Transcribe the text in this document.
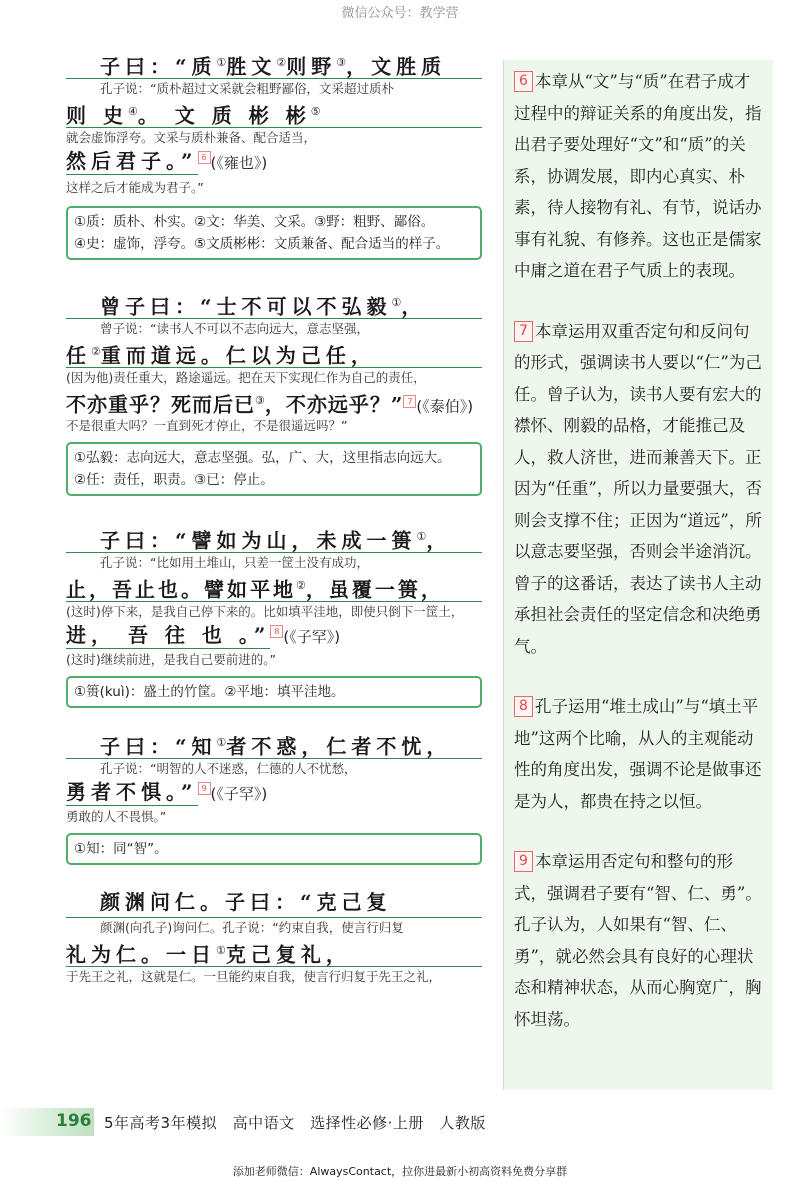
微信公众号：教学营
子曰：“质①胜文②则野③，文胜质
孔子说：“质朴超过文采就会粗野鄙俗，文采超过质朴
则 史④。 文 质 彬 彬⑤
就会虚饰浮夸。文采与质朴兼备、配合适当，
然后君子。” 6 (《雍也》)
这样之后才能成为君子。”
①质：质朴、朴实。②文：华美、文采。③野：粗野、鄙俗。
④史：虚饰，浮夸。⑤文质彬彬：文质兼备、配合适当的样子。
曾子曰：“士不可以不弘毅①，
曾子说：“读书人不可以不志向远大，意志坚强，
任②重而道远。仁以为己任，
(因为他)责任重大，路途遥远。把在天下实现仁作为自己的责任，
不亦重乎？死而后已③，不亦远乎？” 7 (《泰伯》)
不是很重大吗？一直到死才停止，不是很遥远吗？”
①弘毅：志向远大，意志坚强。弘，广、大，这里指志向远大。
②任：责任，职责。③已：停止。
子曰：“譬如为山，未成一篑①，
孔子说：“比如用土堆山，只差一筐土没有成功，
止，吾止也。譬如平地②，虽覆一篑，
(这时)停下来，是我自己停下来的。比如填平洼地，即使只倒下一筐土，
进， 吾 往 也 。” 8 (《子罕》)
(这时)继续前进，是我自己要前进的。”
①篑(kuì)：盛土的竹筐。②平地：填平洼地。
子曰：“知①者不惑，仁者不忧，
孔子说：“明智的人不迷惑，仁德的人不忧愁，
勇者不惧。” 9 (《子罕》)
勇敢的人不畏惧。”
①知：同“智”。
颜渊问仁。子曰：“克己复
颜渊(向孔子)询问仁。孔子说：“约束自我，使言行归复
礼为仁。一日①克己复礼，
于先王之礼，这就是仁。一旦能约束自我，使言行归复于先王之礼，

6 本章从“文”与“质”在君子成才过程中的辩证关系的角度出发，指出君子要处理好“文”和“质”的关系，协调发展，即内心真实、朴素，待人接物有礼、有节，说话办事有礼貌、有修养。这也正是儒家中庸之道在君子气质上的表现。

7 本章运用双重否定句和反问句的形式，强调读书人要以“仁”为己任。曾子认为，读书人要有宏大的襟怀、刚毅的品格，才能推己及人，救人济世，进而兼善天下。正因为“任重”，所以力量要强大，否则会支撑不住；正因为“道远”，所以意志要坚强，否则会半途消沉。曾子的这番话，表达了读书人主动承担社会责任的坚定信念和决绝勇气。

8 孔子运用“堆土成山”与“填土平地”这两个比喻，从人的主观能动性的角度出发，强调不论是做事还是为人，都贵在持之以恒。

9 本章运用否定句和整句的形式，强调君子要有“智、仁、勇”。孔子认为，人如果有“智、仁、勇”，就必然会具有良好的心理状态和精神状态，从而心胸宽广，胸怀坦荡。

196 5年高考3年模拟　高中语文　选择性必修·上册　人教版
添加老师微信：AlwaysContact，拉你进最新小初高资料免费分享群
